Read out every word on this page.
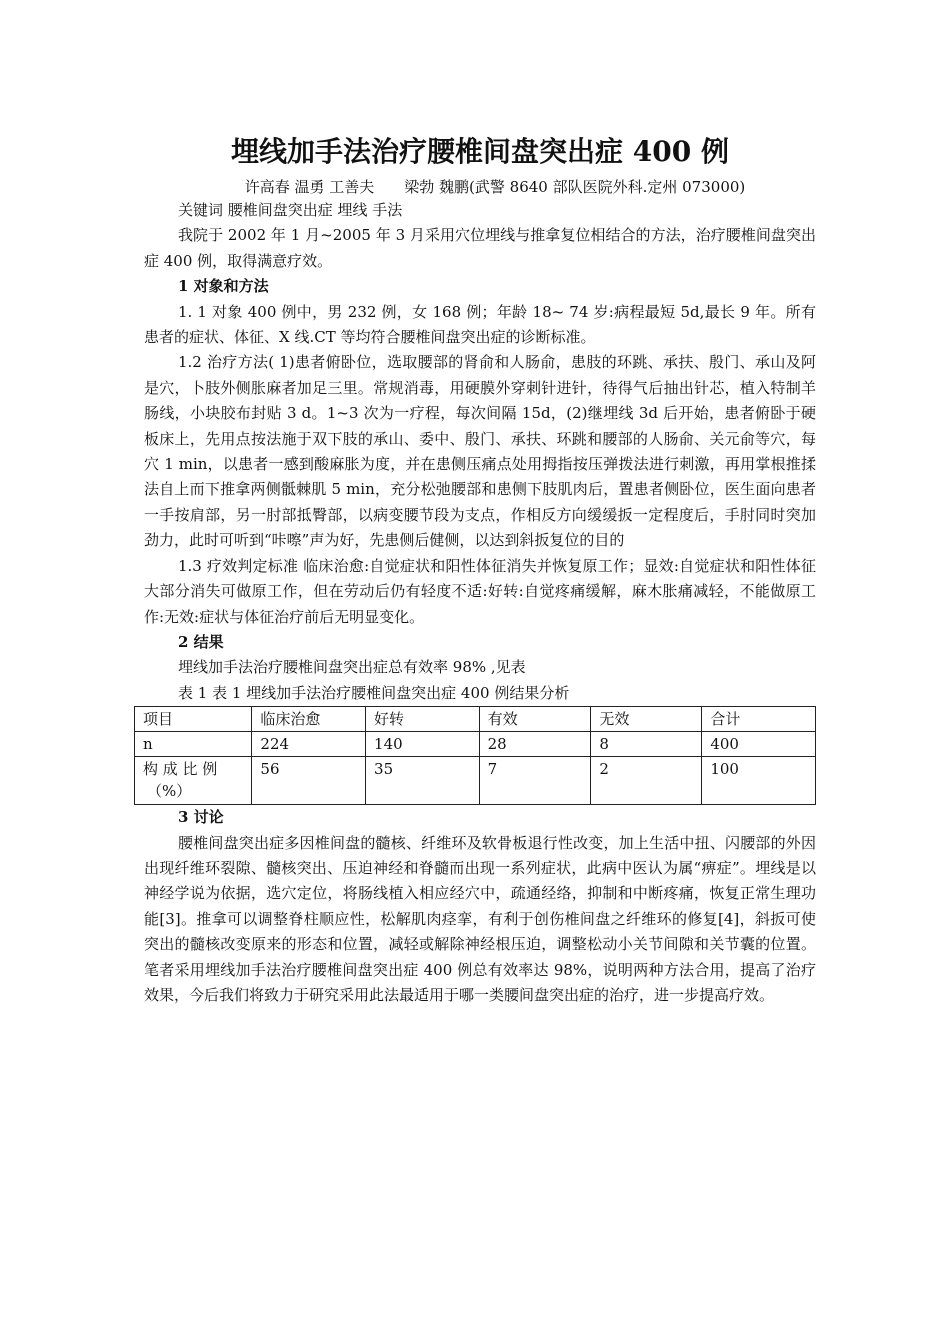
埋线加手法治疗腰椎间盘突出症 400 例
许高春 温勇 工善夫　　梁勃 魏鹏(武警 8640 部队医院外科.定州 073000)

关键词 腰椎间盘突出症 埋线 手法

我院于 2002 年 1 月~2005 年 3 月采用穴位埋线与推拿复位相结合的方法，治疗腰椎间盘突出症 400 例，取得满意疗效。

1 对象和方法

1. 1 对象 400 例中，男 232 例，女 168 例；年龄 18~ 74 岁:病程最短 5d,最长 9 年。所有患者的症状、体征、X 线.CT 等均符合腰椎间盘突出症的诊断标准。

1.2 治疗方法( 1)患者俯卧位，选取腰部的肾俞和人肠俞，患肢的环跳、承扶、殷门、承山及阿是穴，卜肢外侧胀麻者加足三里。常规消毒，用硬膜外穿刺针进针，待得气后抽出针芯，植入特制羊肠线，小块胶布封贴 3 d。1~3 次为一疗程，每次间隔 15d，(2)继埋线 3d 后开始，患者俯卧于硬板床上，先用点按法施于双下肢的承山、委中、殷门、承扶、环跳和腰部的人肠俞、关元俞等穴，每穴 1 min，以患者一感到酸麻胀为度，并在患侧压痛点处用拇指按压弹拨法进行刺激，再用掌根推揉法自上而下推拿两侧骶棘肌 5 min，充分松弛腰部和患侧下肢肌肉后，置患者侧卧位，医生面向患者一手按肩部，另一肘部抵臀部，以病变腰节段为支点，作相反方向缓缓扳一定程度后，手肘同时突加劲力，此时可听到“咔嚓”声为好，先患侧后健侧，以达到斜扳复位的目的

1.3 疗效判定标准 临床治愈:自觉症状和阳性体征消失并恢复原工作；显效:自觉症状和阳性体征大部分消失可做原工作，但在劳动后仍有轻度不适:好转:自觉疼痛缓解，麻木胀痛减轻，不能做原工作:无效:症状与体征治疗前后无明显变化。

2 结果

埋线加手法治疗腰椎间盘突出症总有效率 98% ,见表

表 1 表 1 埋线加手法治疗腰椎间盘突出症 400 例结果分析

项目	临床治愈	好转	有效	无效	合计
n	224	140	28	8	400

构 成 比 例
（%）	56	35	7	2	100

3 讨论

腰椎间盘突出症多因椎间盘的髓核、纤维环及软骨板退行性改变，加上生活中扭、闪腰部的外因出现纤维环裂隙、髓核突出、压迫神经和脊髓而出现一系列症状，此病中医认为属“痹症”。埋线是以神经学说为依据，选穴定位，将肠线植入相应经穴中，疏通经络，抑制和中断疼痛，恢复正常生理功能[3]。推拿可以调整脊柱顺应性，松解肌肉痉挛，有利于创伤椎间盘之纤维环的修复[4]，斜扳可使突出的髓核改变原来的形态和位置，减轻或解除神经根压迫，调整松动小关节间隙和关节囊的位置。笔者采用埋线加手法治疗腰椎间盘突出症 400 例总有效率达 98%，说明两种方法合用，提高了治疗效果，今后我们将致力于研究采用此法最适用于哪一类腰间盘突出症的治疗，进一步提高疗效。
